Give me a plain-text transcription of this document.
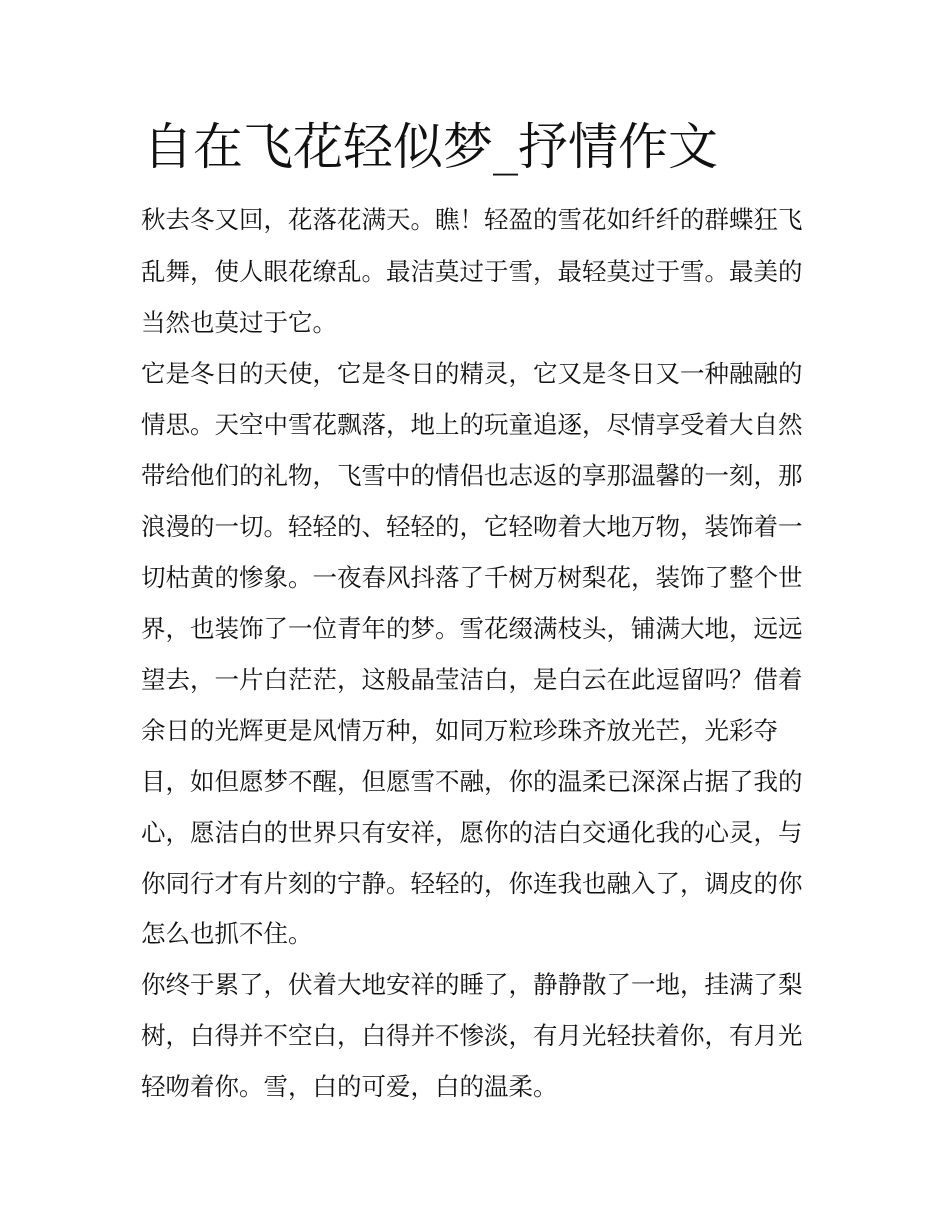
自在飞花轻似梦_抒情作文

秋去冬又回，花落花满天。瞧！轻盈的雪花如纤纤的群蝶狂飞

乱舞，使人眼花缭乱。最洁莫过于雪，最轻莫过于雪。最美的

当然也莫过于它。

它是冬日的天使，它是冬日的精灵，它又是冬日又一种融融的

情思。天空中雪花飘落，地上的玩童追逐，尽情享受着大自然

带给他们的礼物，飞雪中的情侣也志返的享那温馨的一刻，那

浪漫的一切。轻轻的、轻轻的，它轻吻着大地万物，装饰着一

切枯黄的惨象。一夜春风抖落了千树万树梨花，装饰了整个世

界，也装饰了一位青年的梦。雪花缀满枝头，铺满大地，远远

望去，一片白茫茫，这般晶莹洁白，是白云在此逗留吗？借着

余日的光辉更是风情万种，如同万粒珍珠齐放光芒，光彩夺

目，如但愿梦不醒，但愿雪不融，你的温柔已深深占据了我的

心，愿洁白的世界只有安祥，愿你的洁白交通化我的心灵，与

你同行才有片刻的宁静。轻轻的，你连我也融入了，调皮的你

怎么也抓不住。

你终于累了，伏着大地安祥的睡了，静静散了一地，挂满了梨

树，白得并不空白，白得并不惨淡，有月光轻扶着你，有月光

轻吻着你。雪，白的可爱，白的温柔。
